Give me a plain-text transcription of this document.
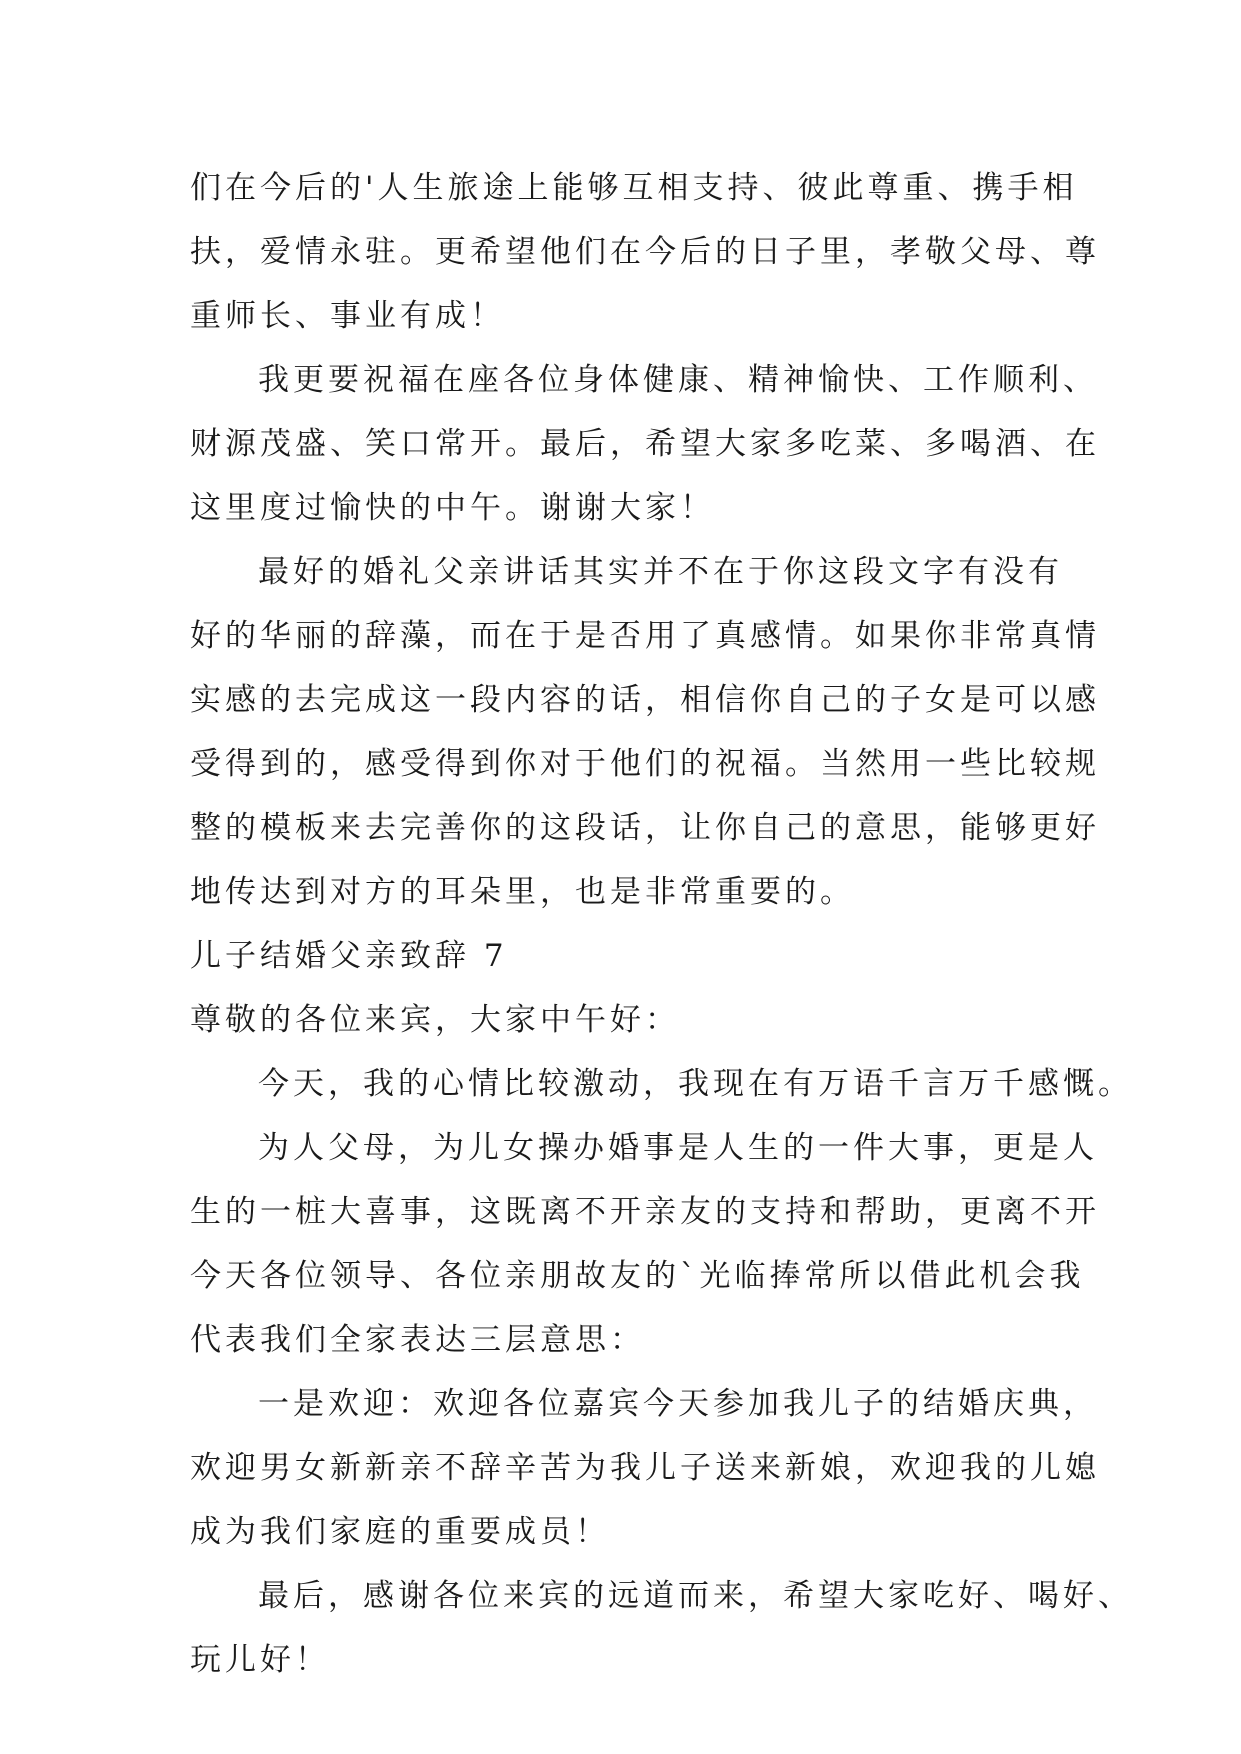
们在今后的'人生旅途上能够互相支持、彼此尊重、携手相
扶，爱情永驻。更希望他们在今后的日子里，孝敬父母、尊
重师长、事业有成！
我更要祝福在座各位身体健康、精神愉快、工作顺利、
财源茂盛、笑口常开。最后，希望大家多吃菜、多喝酒、在
这里度过愉快的中午。谢谢大家！
最好的婚礼父亲讲话其实并不在于你这段文字有没有
好的华丽的辞藻，而在于是否用了真感情。如果你非常真情
实感的去完成这一段内容的话，相信你自己的子女是可以感
受得到的，感受得到你对于他们的祝福。当然用一些比较规
整的模板来去完善你的这段话，让你自己的意思，能够更好
地传达到对方的耳朵里，也是非常重要的。
儿子结婚父亲致辞 7
尊敬的各位来宾，大家中午好：
今天，我的心情比较激动，我现在有万语千言万千感慨。
为人父母，为儿女操办婚事是人生的一件大事，更是人
生的一桩大喜事，这既离不开亲友的支持和帮助，更离不开
今天各位领导、各位亲朋故友的`光临捧常所以借此机会我
代表我们全家表达三层意思：
一是欢迎：欢迎各位嘉宾今天参加我儿子的结婚庆典，
欢迎男女新新亲不辞辛苦为我儿子送来新娘，欢迎我的儿媳
成为我们家庭的重要成员！
最后，感谢各位来宾的远道而来，希望大家吃好、喝好、
玩儿好！
